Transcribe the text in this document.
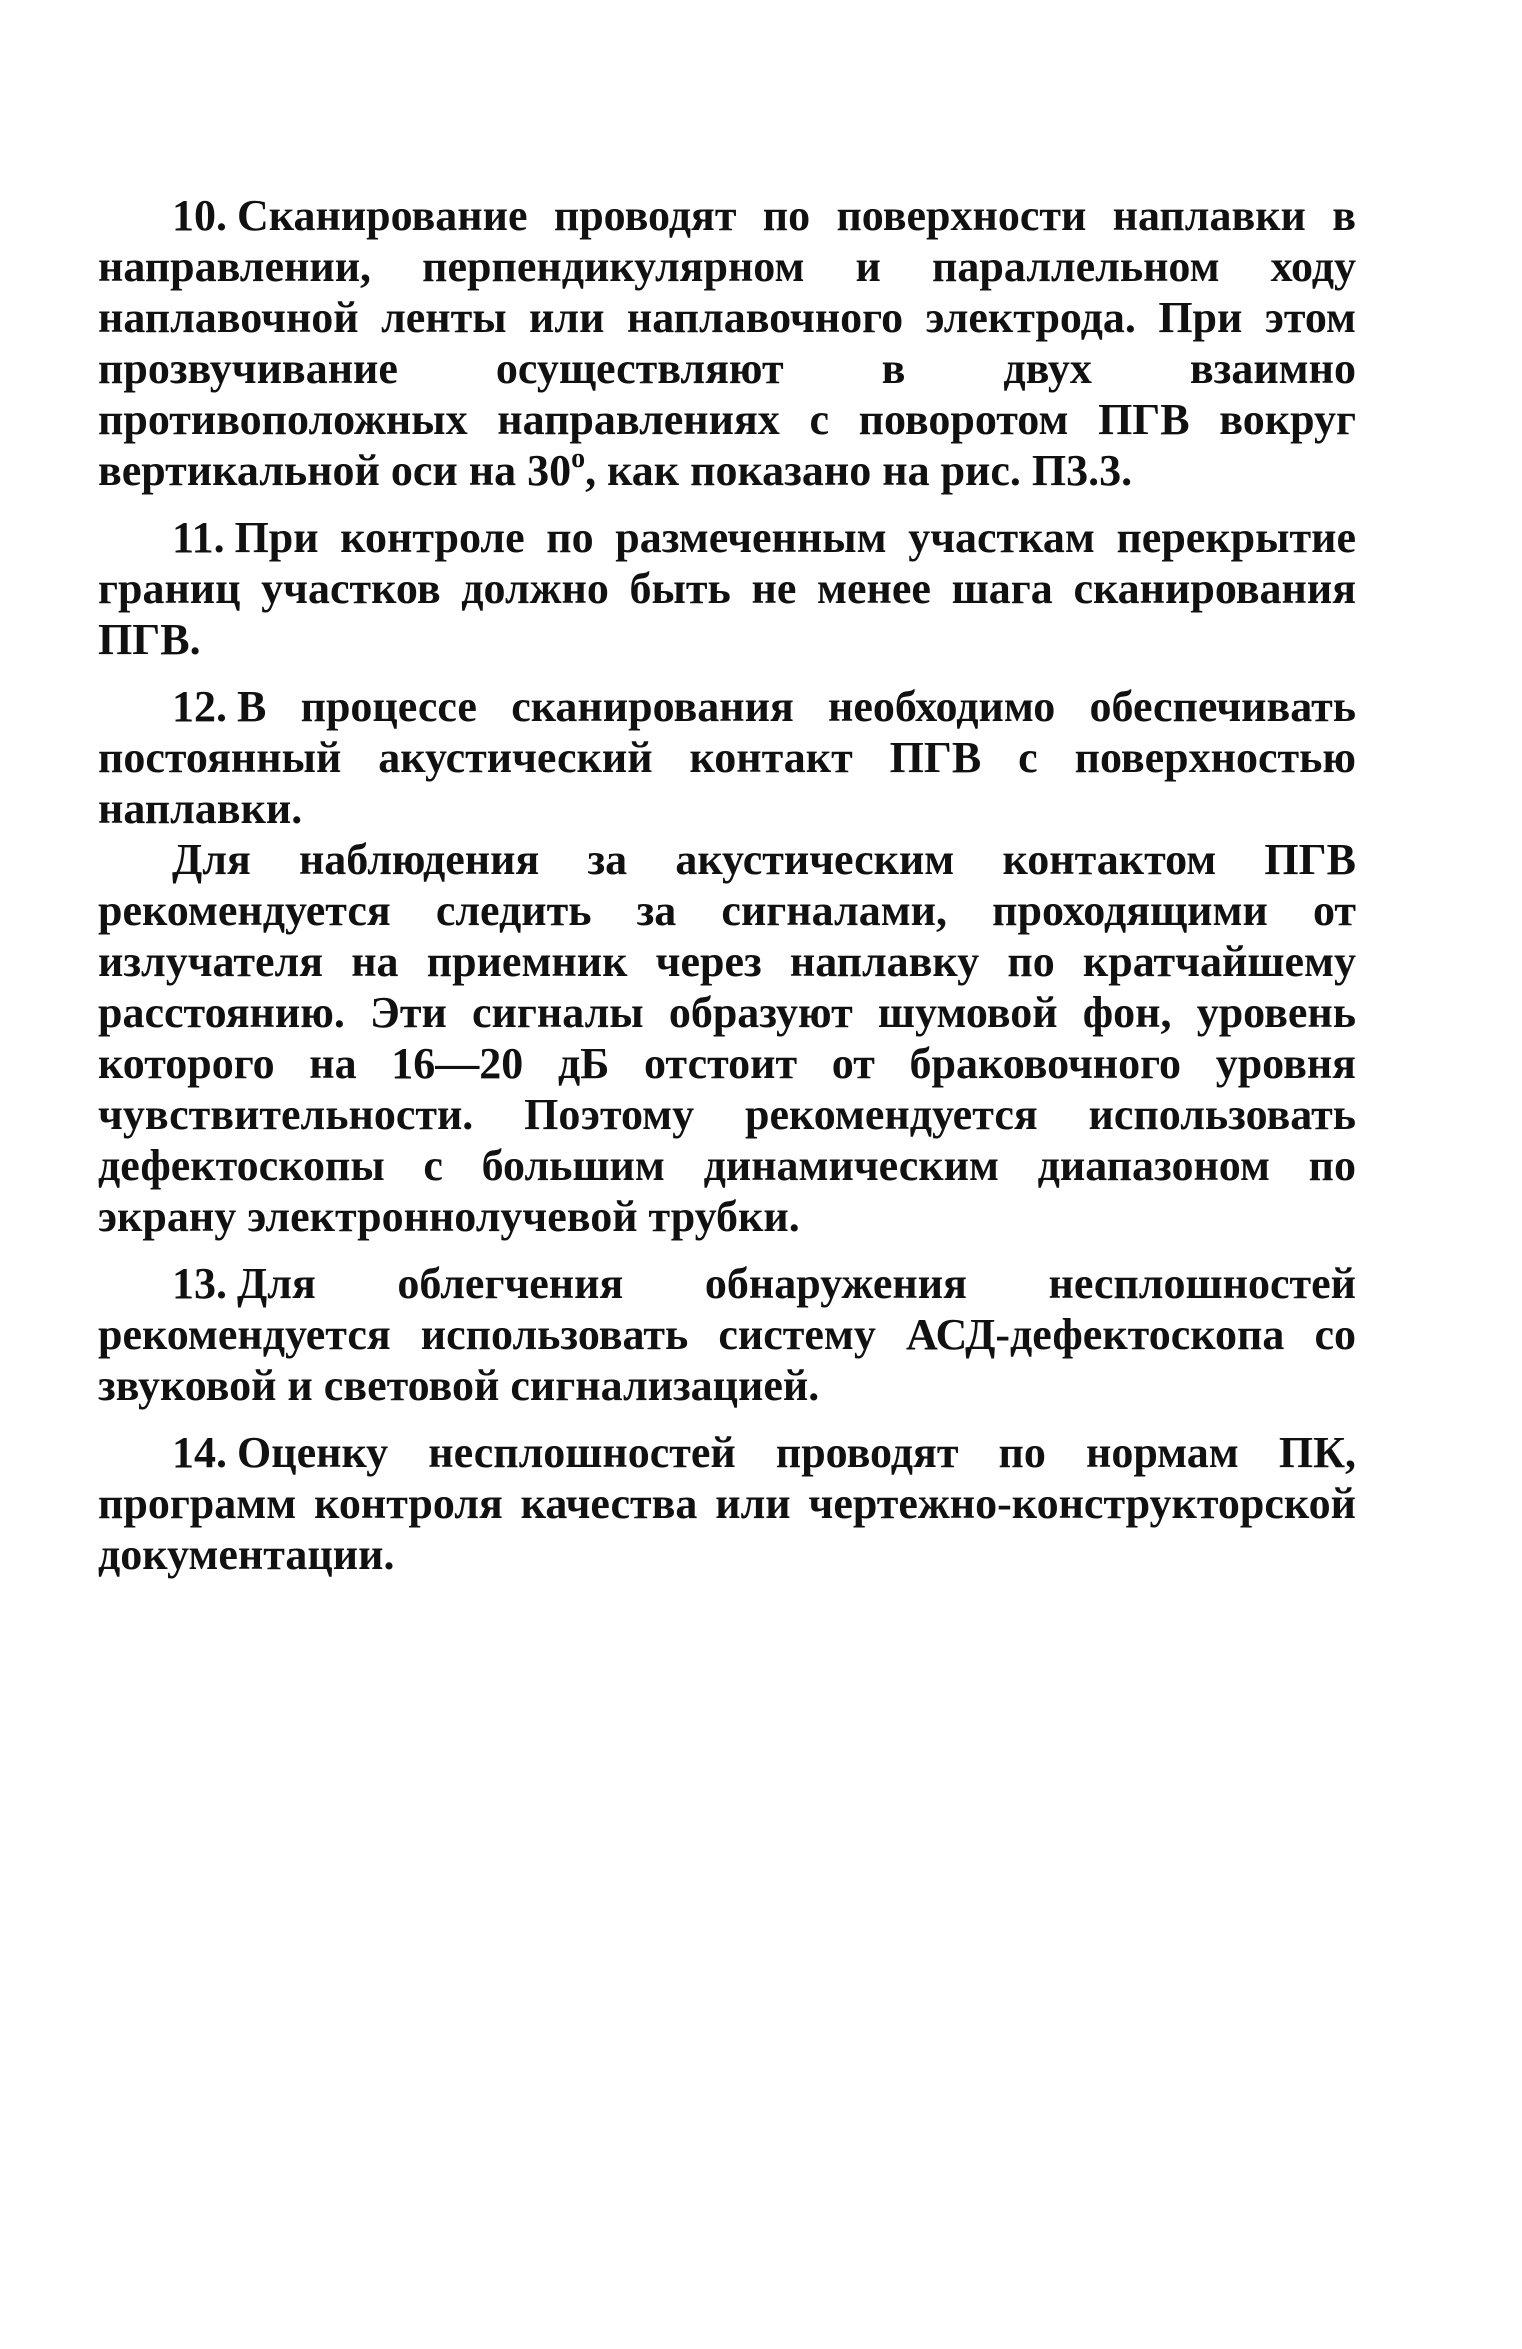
10. Сканирование проводят по поверхности наплавки в направлении, перпендикулярном и параллельном ходу наплавочной ленты или наплавочного электрода. При этом прозвучивание осуществляют в двух взаимно противоположных направлениях с поворотом ПГВ вокруг вертикальной оси на $30^о$, как показано на рис. П3.3.

11. При контроле по размеченным участкам перекрытие границ участков должно быть не менее шага сканирования ПГВ.

12. В процессе сканирования необходимо обеспечивать постоянный акустический контакт ПГВ с поверхностью наплавки.

Для наблюдения за акустическим контактом ПГВ рекомендуется следить за сигналами, проходящими от излучателя на приемник через наплавку по кратчайшему расстоянию. Эти сигналы образуют шумовой фон, уровень которого на 16—20 дБ отстоит от браковочного уровня чувствительности. Поэтому рекомендуется использовать дефектоскопы с большим динамическим диапазоном по экрану электроннолучевой трубки.

13. Для облегчения обнаружения несплошностей рекомендуется использовать систему АСД-дефектоскопа со звуковой и световой сигнализацией.

14. Оценку несплошностей проводят по нормам ПК, программ контроля качества или чертежно-конструкторской документации.
